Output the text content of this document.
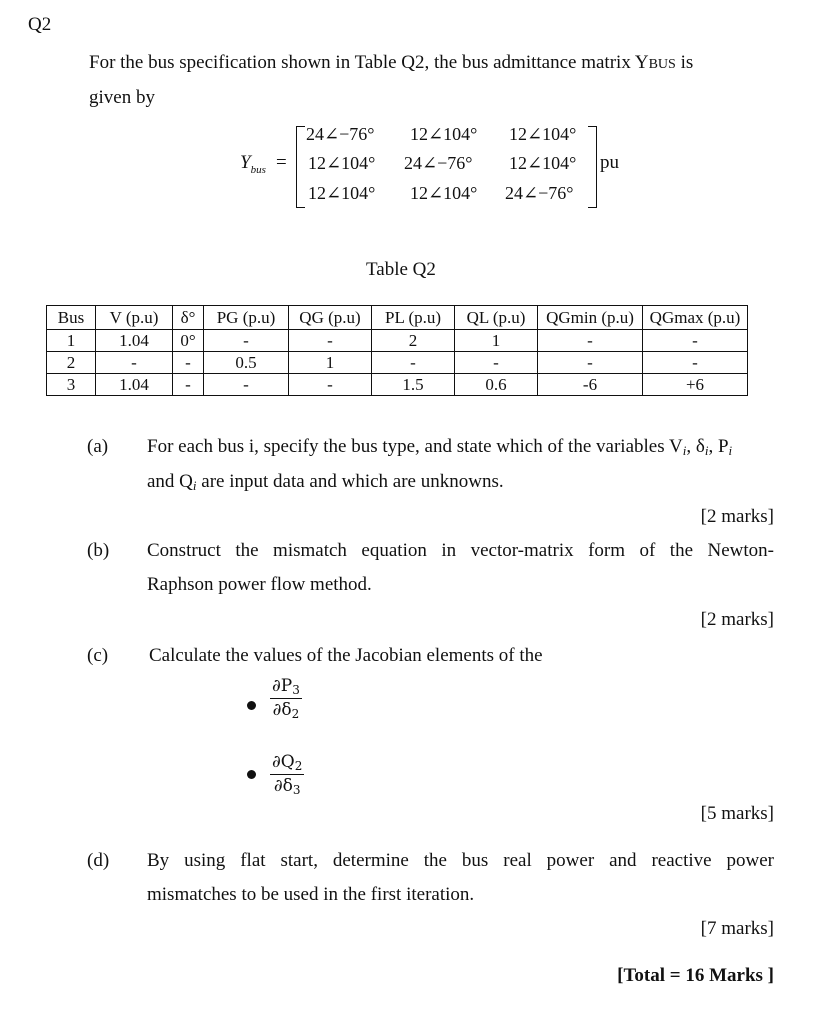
Q2
For the bus specification shown in Table Q2, the bus admittance matrix YBUS is
given by
$Y_{bus}$ =
24∠−76° 12∠104° 12∠104°
12∠104° 24∠−76° 12∠104°
12∠104° 12∠104° 24∠−76°
pu
Table Q2
Bus	V (p.u)	δ°	PG (p.u)	QG (p.u)	PL (p.u)	QL (p.u)	QGmin (p.u)	QGmax (p.u)
1	1.04	0°	-	-	2	1	-	-
2	-	-	0.5	1	-	-	-	-
3	1.04	-	-	-	1.5	0.6	-6	+6
(a) For each bus i, specify the bus type, and state which of the variables Vi, δi, Pi
and Qi are input data and which are unknowns.
[2 marks]
(b) Construct the mismatch equation in vector-matrix form of the Newton-
Raphson power flow method.
[2 marks]
(c) Calculate the values of the Jacobian elements of the
$\frac{\partial P_3}{\partial\delta_2}$
$\frac{\partial Q_2}{\partial\delta_3}$
[5 marks]
(d) By using flat start, determine the bus real power and reactive power
mismatches to be used in the first iteration.
[7 marks]
[Total = 16 Marks ]
